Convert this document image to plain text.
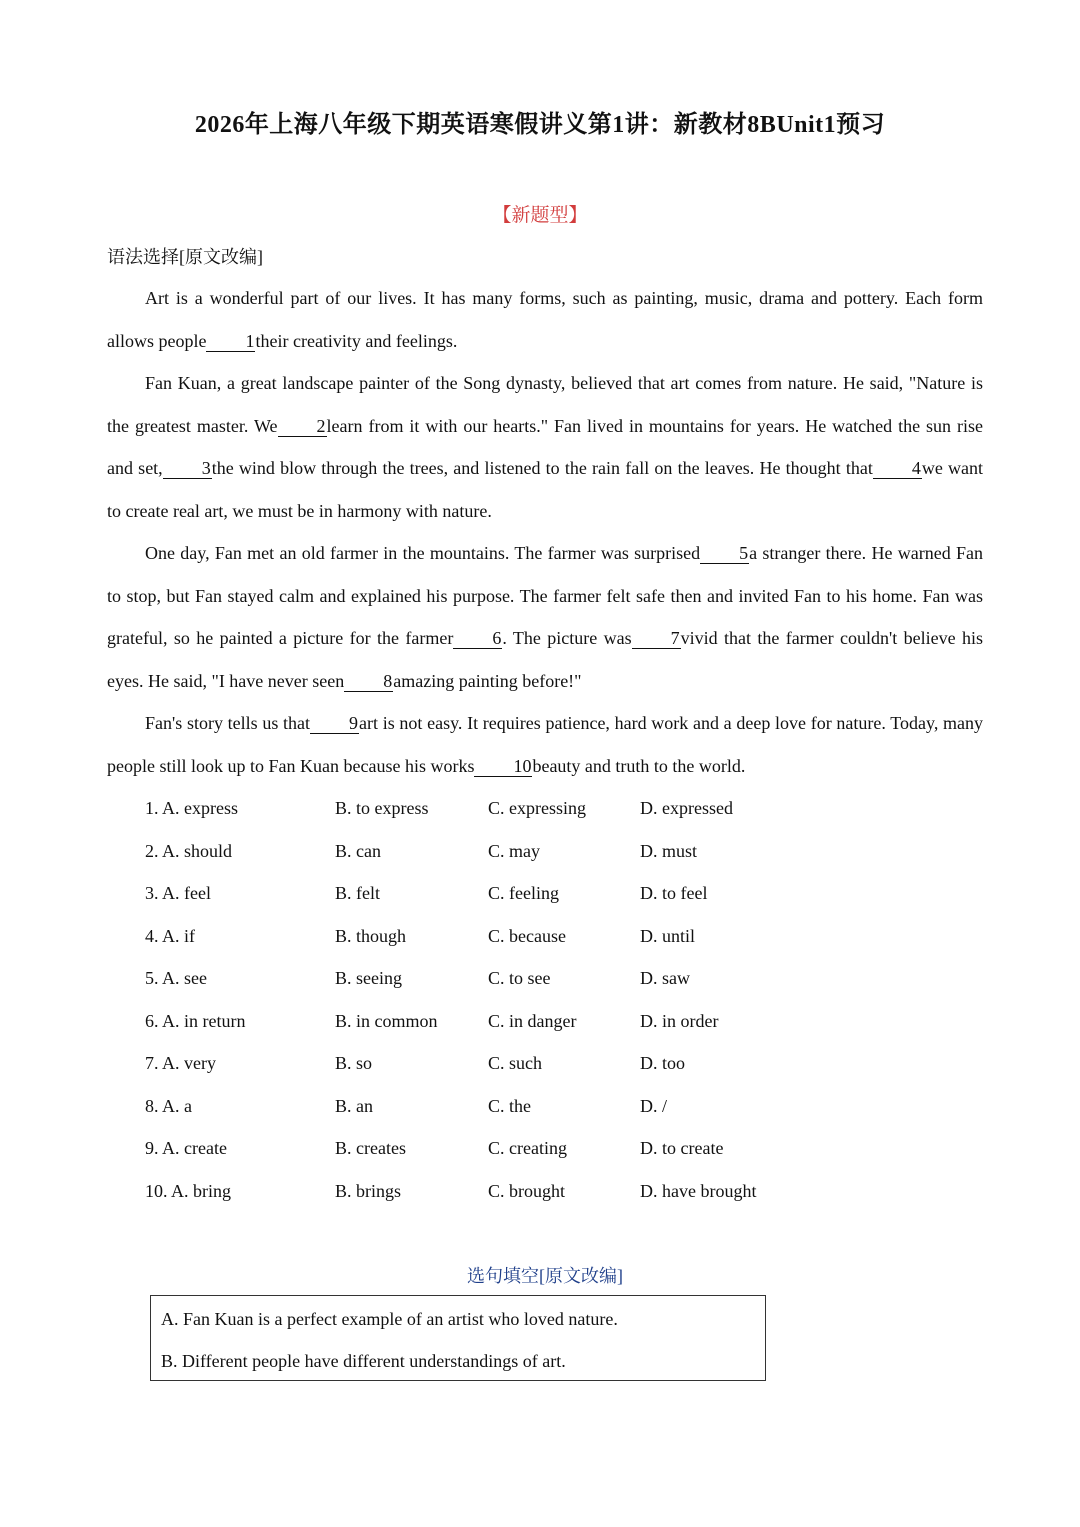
2026年上海八年级下期英语寒假讲义第1讲：新教材8BUnit1预习
【新题型】
语法选择[原文改编]

Art is a wonderful part of our lives. It has many forms, such as painting, music, drama and pottery. Each form allows people 1their creativity and feelings.

Fan Kuan, a great landscape painter of the Song dynasty, believed that art comes from nature. He said, "Nature is the greatest master. We 2learn from it with our hearts." Fan lived in mountains for years. He watched the sun rise and set, 3the wind blow through the trees, and listened to the rain fall on the leaves. He thought that 4we want to create real art, we must be in harmony with nature.

One day, Fan met an old farmer in the mountains. The farmer was surprised 5a stranger there. He warned Fan to stop, but Fan stayed calm and explained his purpose. The farmer felt safe then and invited Fan to his home. Fan was grateful, so he painted a picture for the farmer 6. The picture was 7vivid that the farmer couldn't believe his eyes. He said, "I have never seen 8amazing painting before!"

Fan's story tells us that 9art is not easy. It requires patience, hard work and a deep love for nature. Today, many people still look up to Fan Kuan because his works 10beauty and truth to the world.

1. A. express	B. to express	C. expressing	D. expressed
2. A. should	B. can	C. may	D. must
3. A. feel	B. felt	C. feeling	D. to feel
4. A. if	B. though	C. because	D. until
5. A. see	B. seeing	C. to see	D. saw
6. A. in return	B. in common	C. in danger	D. in order
7. A. very	B. so	C. such	D. too
8. A. a	B. an	C. the	D. /
9. A. create	B. creates	C. creating	D. to create
10. A. bring	B. brings	C. brought	D. have brought
选句填空[原文改编]
A. Fan Kuan is a perfect example of an artist who loved nature.
B. Different people have different understandings of art.
